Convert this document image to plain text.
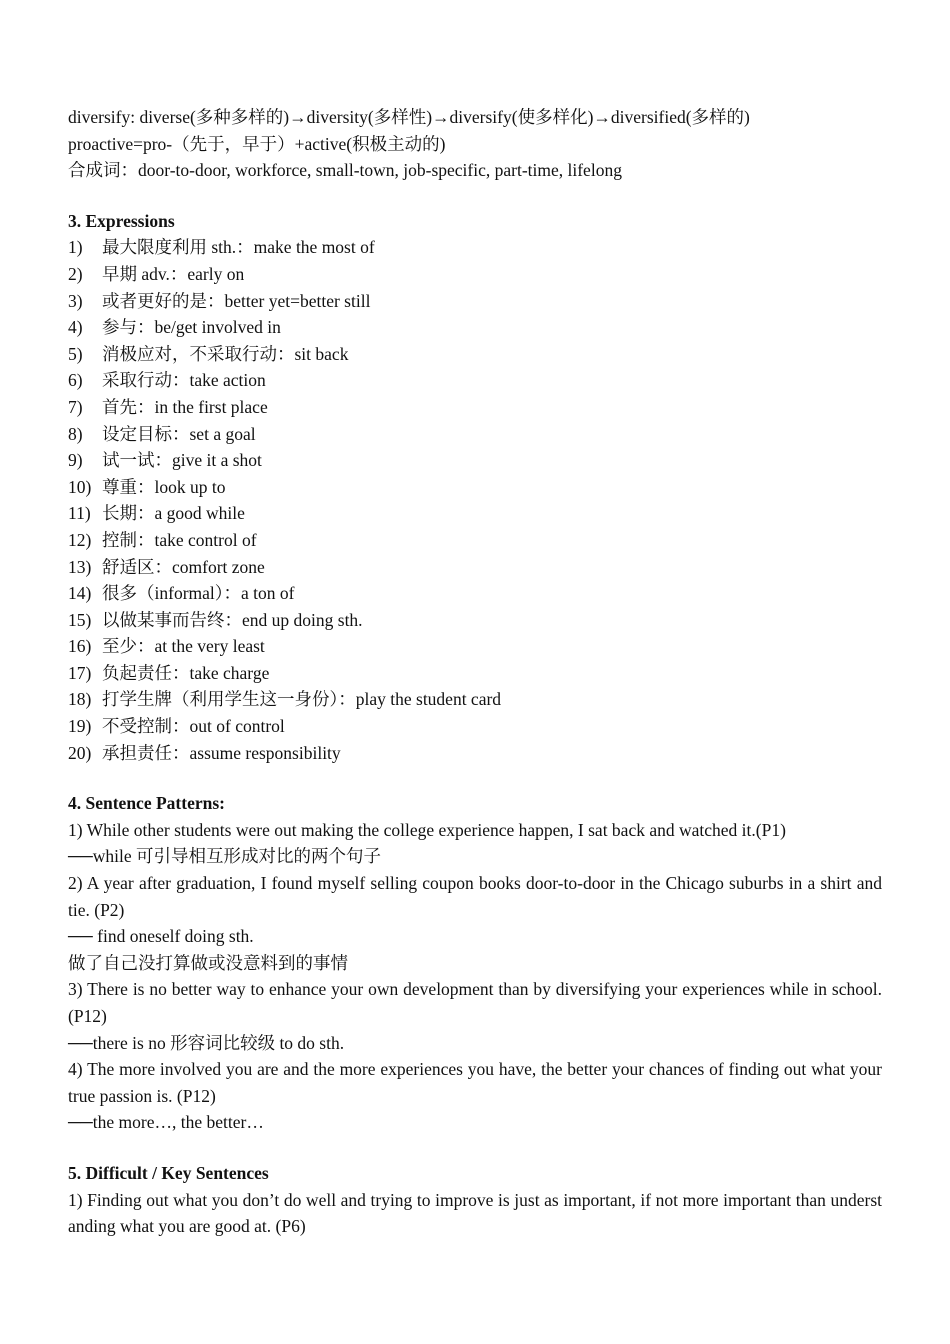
diversify: diverse(多种多样的)→diversity(多样性)→diversify(使多样化)→diversified(多样的)
proactive=pro-（先于，早于）+active(积极主动的)
合成词：door-to-door, workforce, small-town, job-specific, part-time, lifelong
3. Expressions
1)	最大限度利用 sth.：make the most of
2)	早期 adv.：early on
3)	或者更好的是：better yet=better still
4)	参与：be/get involved in
5)	消极应对，不采取行动：sit back
6)	采取行动：take action
7)	首先：in the first place
8)	设定目标：set a goal
9)	试一试：give it a shot
10) 尊重：look up to
11) 长期：a good while
12) 控制：take control of
13) 舒适区：comfort zone
14) 很多（informal）：a ton of
15) 以做某事而告终：end up doing sth.
16) 至少：at the very least
17) 负起责任：take charge
18) 打学生牌（利用学生这一身份）：play the student card
19) 不受控制：out of control
20) 承担责任：assume responsibility
4. Sentence Patterns:
1) While other students were out making the college experience happen, I sat back and watched it.(P1)
──while 可引导相互形成对比的两个句子
2) A year after graduation, I found myself selling coupon books door-to-door in the Chicago suburbs in a shirt and tie. (P2)
── find oneself doing sth.
做了自己没打算做或没意料到的事情
3) There is no better way to enhance your own development than by diversifying your experiences while in school. (P12)
──there is no 形容词比较级 to do sth.
4) The more involved you are and the more experiences you have, the better your chances of finding out what your true passion is. (P12)
──the more…, the better…
5. Difficult / Key Sentences
1) Finding out what you don’t do well and trying to improve is just as important, if not more important than understanding what you are good at. (P6)
